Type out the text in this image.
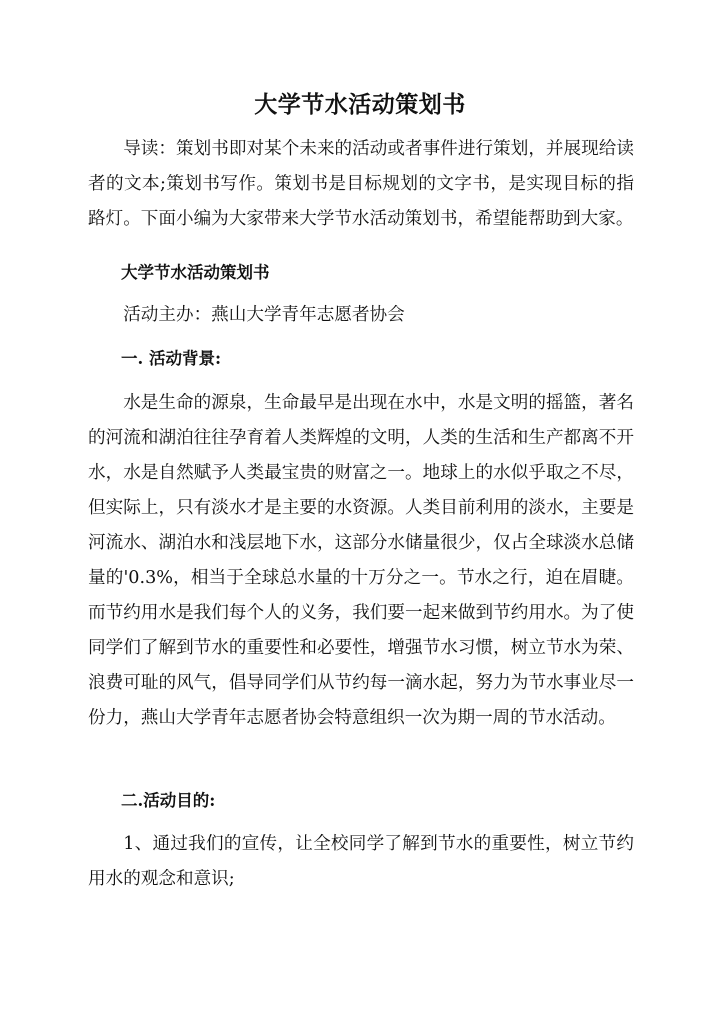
大学节水活动策划书

导读：策划书即对某个未来的活动或者事件进行策划，并展现给读者的文本;策划书写作。策划书是目标规划的文字书，是实现目标的指路灯。下面小编为大家带来大学节水活动策划书，希望能帮助到大家。

大学节水活动策划书

活动主办：燕山大学青年志愿者协会

一. 活动背景:

水是生命的源泉，生命最早是出现在水中，水是文明的摇篮，著名的河流和湖泊往往孕育着人类辉煌的文明，人类的生活和生产都离不开水，水是自然赋予人类最宝贵的财富之一。地球上的水似乎取之不尽，但实际上，只有淡水才是主要的水资源。人类目前利用的淡水，主要是河流水、湖泊水和浅层地下水，这部分水储量很少，仅占全球淡水总储量的'0.3%，相当于全球总水量的十万分之一。节水之行，迫在眉睫。而节约用水是我们每个人的义务，我们要一起来做到节约用水。为了使同学们了解到节水的重要性和必要性，增强节水习惯，树立节水为荣、浪费可耻的风气，倡导同学们从节约每一滴水起，努力为节水事业尽一份力，燕山大学青年志愿者协会特意组织一次为期一周的节水活动。

二.活动目的:

1、通过我们的宣传，让全校同学了解到节水的重要性，树立节约用水的观念和意识;
